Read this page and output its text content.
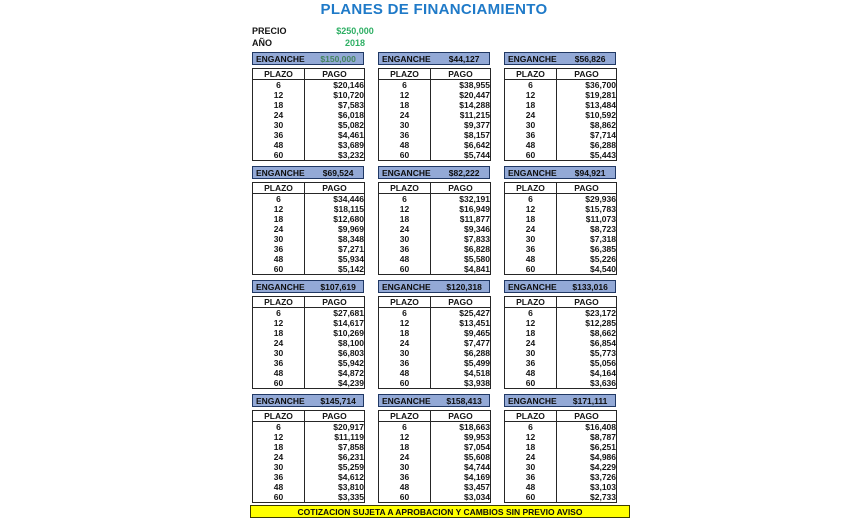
PLANES DE FINANCIAMIENTO
PRECIO	$250,000
AÑO	2018
ENGANCHE	$150,000
PLAZO	PAGO
6	$20,146
12	$10,720
18	$7,583
24	$6,018
30	$5,082
36	$4,461
48	$3,689
60	$3,232
ENGANCHE	$44,127
PLAZO	PAGO
6	$38,955
12	$20,447
18	$14,288
24	$11,215
30	$9,377
36	$8,157
48	$6,642
60	$5,744
ENGANCHE	$56,826
PLAZO	PAGO
6	$36,700
12	$19,281
18	$13,484
24	$10,592
30	$8,862
36	$7,714
48	$6,288
60	$5,443
ENGANCHE	$69,524
PLAZO	PAGO
6	$34,446
12	$18,115
18	$12,680
24	$9,969
30	$8,348
36	$7,271
48	$5,934
60	$5,142
ENGANCHE	$82,222
PLAZO	PAGO
6	$32,191
12	$16,949
18	$11,877
24	$9,346
30	$7,833
36	$6,828
48	$5,580
60	$4,841
ENGANCHE	$94,921
PLAZO	PAGO
6	$29,936
12	$15,783
18	$11,073
24	$8,723
30	$7,318
36	$6,385
48	$5,226
60	$4,540
ENGANCHE	$107,619
PLAZO	PAGO
6	$27,681
12	$14,617
18	$10,269
24	$8,100
30	$6,803
36	$5,942
48	$4,872
60	$4,239
ENGANCHE	$120,318
PLAZO	PAGO
6	$25,427
12	$13,451
18	$9,465
24	$7,477
30	$6,288
36	$5,499
48	$4,518
60	$3,938
ENGANCHE	$133,016
PLAZO	PAGO
6	$23,172
12	$12,285
18	$8,662
24	$6,854
30	$5,773
36	$5,056
48	$4,164
60	$3,636
ENGANCHE	$145,714
PLAZO	PAGO
6	$20,917
12	$11,119
18	$7,858
24	$6,231
30	$5,259
36	$4,612
48	$3,810
60	$3,335
ENGANCHE	$158,413
PLAZO	PAGO
6	$18,663
12	$9,953
18	$7,054
24	$5,608
30	$4,744
36	$4,169
48	$3,457
60	$3,034
ENGANCHE	$171,111
PLAZO	PAGO
6	$16,408
12	$8,787
18	$6,251
24	$4,986
30	$4,229
36	$3,726
48	$3,103
60	$2,733
COTIZACION SUJETA A APROBACION Y CAMBIOS SIN PREVIO AVISO
